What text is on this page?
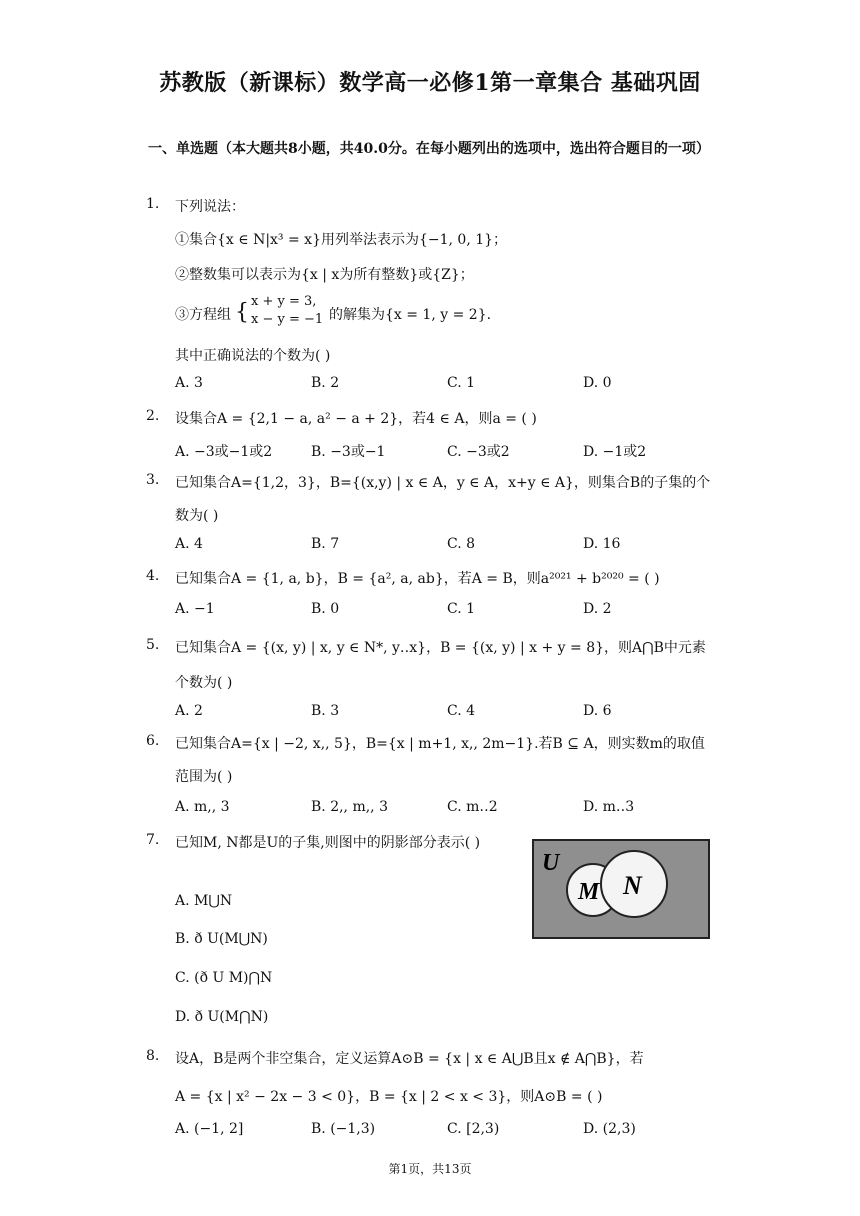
苏教版（新课标）数学高一必修1第一章集合 基础巩固
一、单选题（本大题共8小题，共40.0分。在每小题列出的选项中，选出符合题目的一项）
1. 下列说法：
①集合{x ∈ N|x³ = x}用列举法表示为{−1, 0, 1}；
②整数集可以表示为{x | x为所有整数}或{Z}；
③方程组 { x + y = 3,
x − y = −1 的解集为{x = 1, y = 2}.
其中正确说法的个数为( )
A. 3	B. 2	C. 1	D. 0
2. 设集合A = {2,1 − a, a² − a + 2}，若4 ∈ A，则a = ( )
A. −3或−1或2	B. −3或−1	C. −3或2	D. −1或2
3. 已知集合A={1,2，3}，B={(x,y) | x ∈ A，y ∈ A，x+y ∈ A}，则集合B的子集的个
数为( )
A. 4	B. 7	C. 8	D. 16
4. 已知集合A = {1, a, b}，B = {a², a, ab}，若A = B，则a²⁰²¹ + b²⁰²⁰ = ( )
A. −1	B. 0	C. 1	D. 2
5. 已知集合A = {(x, y) | x, y ∈ N*, y‥x}，B = {(x, y) | x + y = 8}，则A⋂B中元素
个数为( )
A. 2	B. 3	C. 4	D. 6
6. 已知集合A={x | −2, x,, 5}，B={x | m+1, x,, 2m−1}.若B ⊆ A，则实数m的取值
范围为( )
A. m,, 3	B. 2,, m,, 3	C. m‥2	D. m‥3
7. 已知M, N都是U的子集,则图中的阴影部分表示( )
U
M N
A. M⋃N
B. ð U(M⋃N)
C. (ð U M)⋂N
D. ð U(M⋂N)
8. 设A，B是两个非空集合，定义运算A⊙B = {x | x ∈ A⋃B且x ∉ A⋂B}，若
A = {x | x² − 2x − 3 < 0}，B = {x | 2 < x < 3}，则A⊙B = ( )
A. (−1, 2]	B. (−1,3)	C. [2,3)	D. (2,3)
第1页，共13页
